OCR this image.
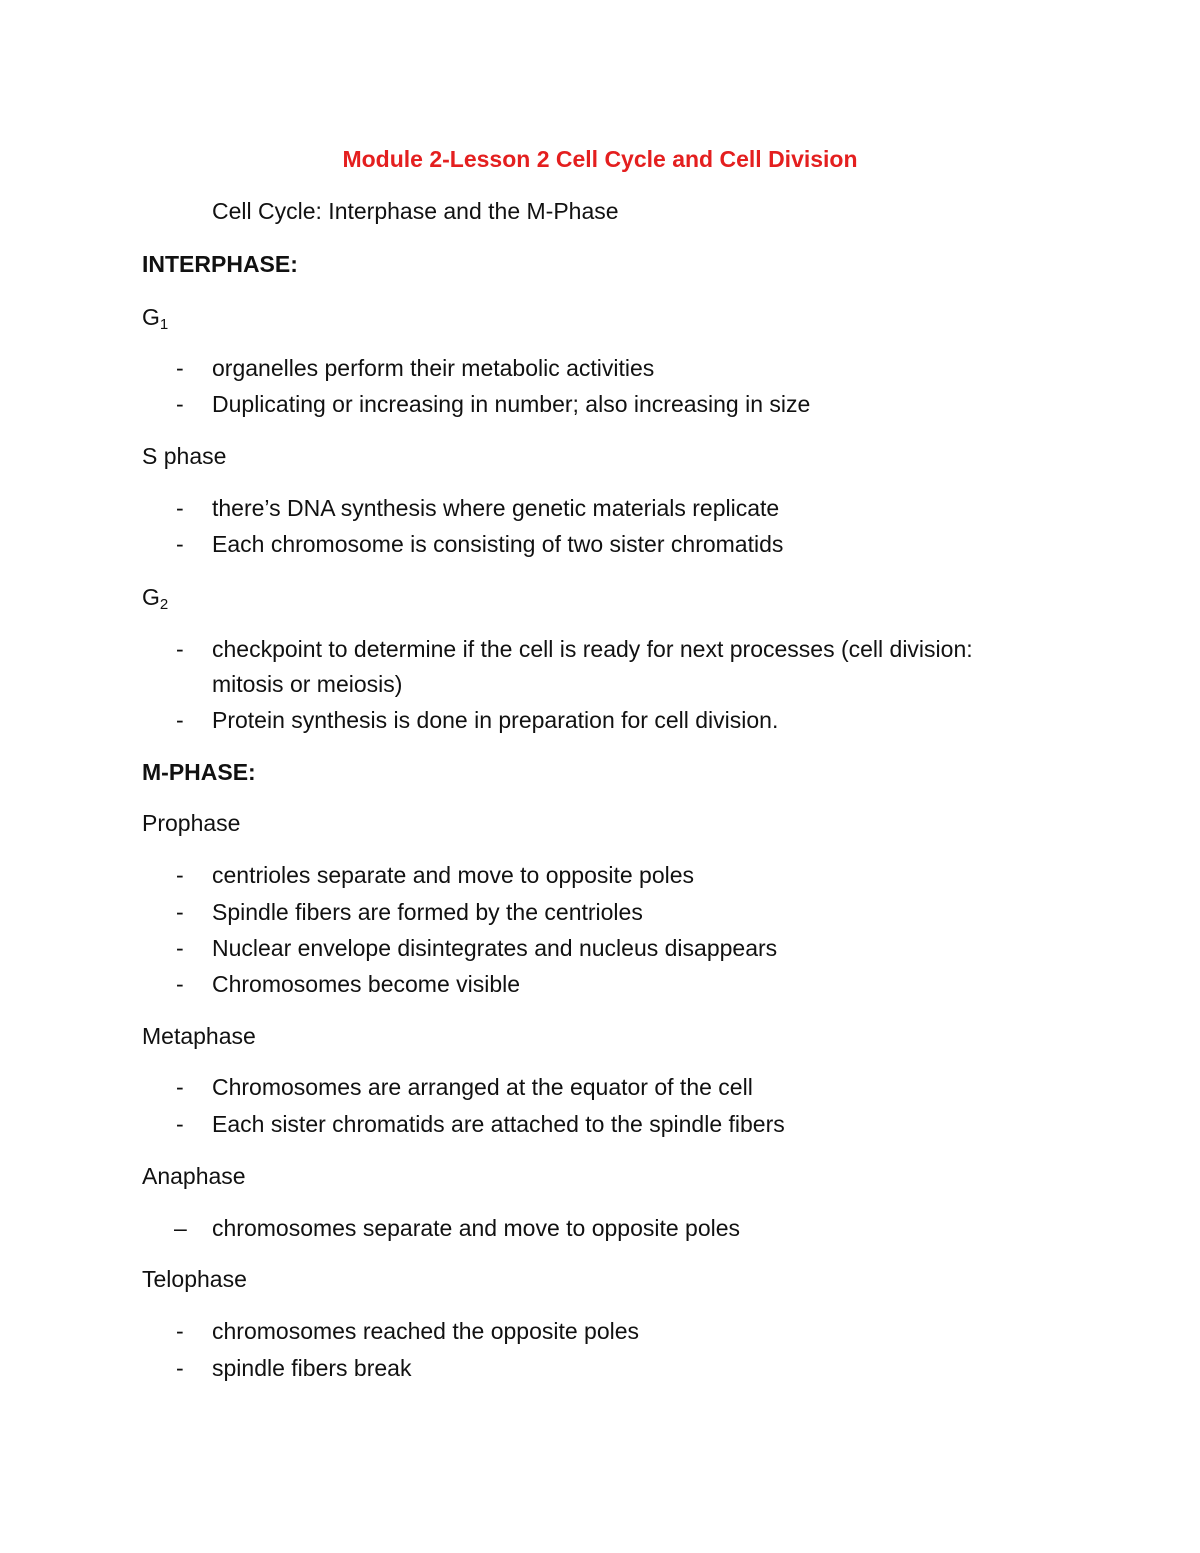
Module 2-Lesson 2 Cell Cycle and Cell Division
Cell Cycle: Interphase and the M-Phase
INTERPHASE:
G1
- organelles perform their metabolic activities
- Duplicating or increasing in number; also increasing in size
S phase
- there’s DNA synthesis where genetic materials replicate
- Each chromosome is consisting of two sister chromatids
G2
- checkpoint to determine if the cell is ready for next processes (cell division:
mitosis or meiosis)
- Protein synthesis is done in preparation for cell division.
M-PHASE:
Prophase
- centrioles separate and move to opposite poles
- Spindle fibers are formed by the centrioles
- Nuclear envelope disintegrates and nucleus disappears
- Chromosomes become visible
Metaphase
- Chromosomes are arranged at the equator of the cell
- Each sister chromatids are attached to the spindle fibers
Anaphase
– chromosomes separate and move to opposite poles
Telophase
- chromosomes reached the opposite poles
- spindle fibers break
